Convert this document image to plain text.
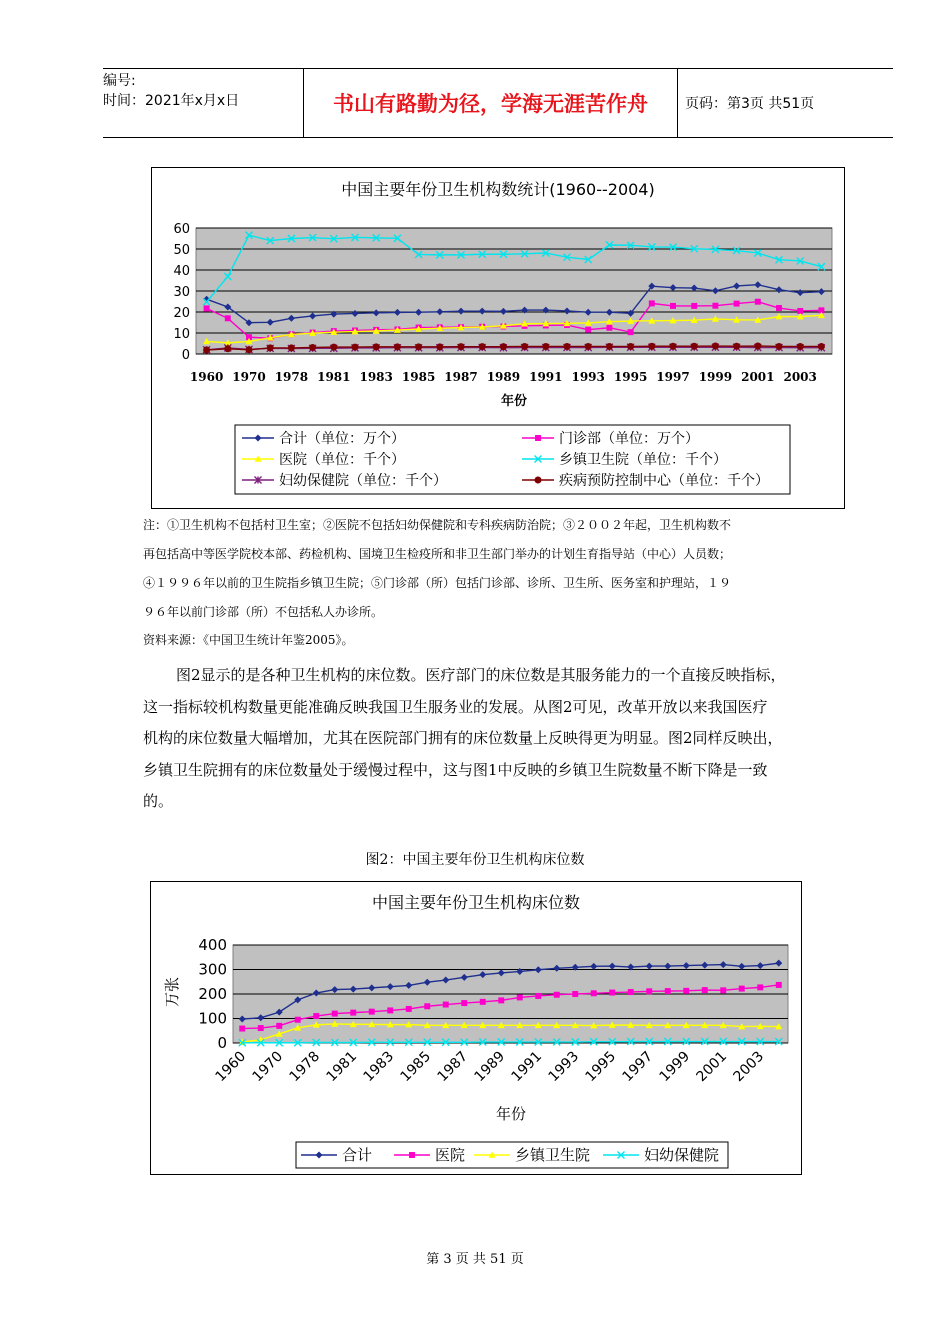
编号:
时间：2021年x月x日	书山有路勤为径，学海无涯苦作舟	页码：第3页 共51页
中国主要年份卫生机构数统计(1960--2004)
0
10
20
30
40
50
60
1960 1970 1978 1981 1983 1985 1987 1989 1991 1993 1995 1997 1999 2001 2003
年份
合计（单位：万个）	门诊部（单位：万个）
医院（单位：千个）	乡镇卫生院（单位：千个）
妇幼保健院（单位：千个）	疾病预防控制中心（单位：千个）
注：①卫生机构不包括村卫生室；②医院不包括妇幼保健院和专科疾病防治院；③２００２年起，卫生机构数不
再包括高中等医学院校本部、药检机构、国境卫生检疫所和非卫生部门举办的计划生育指导站（中心）人员数；
④１９９６年以前的卫生院指乡镇卫生院；⑤门诊部（所）包括门诊部、诊所、卫生所、医务室和护理站，１９
９６年以前门诊部（所）不包括私人办诊所。
资料来源：《中国卫生统计年鉴2005》。
图2显示的是各种卫生机构的床位数。医疗部门的床位数是其服务能力的一个直接反映指标，
这一指标较机构数量更能准确反映我国卫生服务业的发展。从图2可见，改革开放以来我国医疗
机构的床位数量大幅增加，尤其在医院部门拥有的床位数量上反映得更为明显。图2同样反映出，
乡镇卫生院拥有的床位数量处于缓慢过程中，这与图1中反映的乡镇卫生院数量不断下降是一致
的。
图2：中国主要年份卫生机构床位数
中国主要年份卫生机构床位数
万张
0
100
200
300
400
1960 1970 1978 1981 1983 1985 1987 1989 1991 1993 1995 1997 1999 2001 2003
年份
合计	医院	乡镇卫生院	妇幼保健院
第 3 页 共 51 页
